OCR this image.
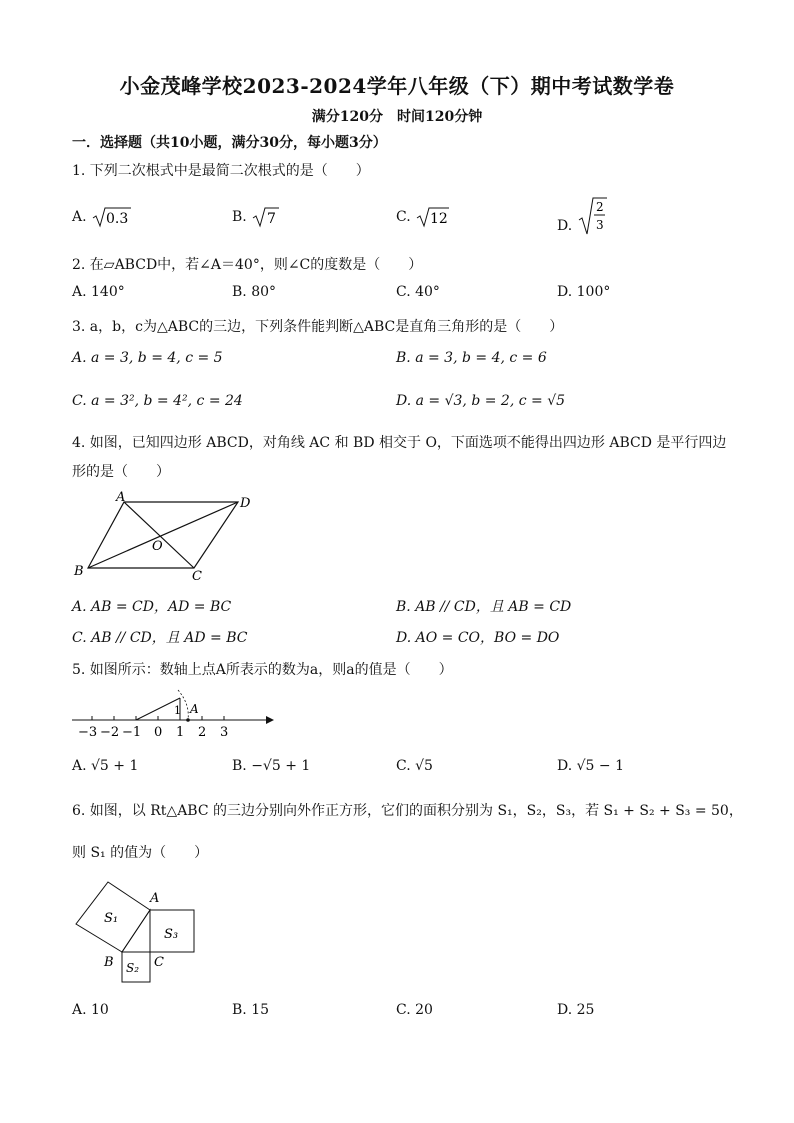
小金茂峰学校2023-2024学年八年级（下）期中考试数学卷
满分120分　时间120分钟
一．选择题（共10小题，满分30分，每小题3分）
1. 下列二次根式中是最简二次根式的是（　　）
A. 0.3	B. 7	C. 12	D.
2
3
2. 在▱ABCD中，若∠A＝40°，则∠C的度数是（　　）
A. 140°	B. 80°	C. 40°	D. 100°
3. a，b，c为△ABC的三边，下列条件能判断△ABC是直角三角形的是（　　）
A. a = 3, b = 4, c = 5	B. a = 3, b = 4, c = 6
C. a = 3², b = 4², c = 24	D. a = √3, b = 2, c = √5
4. 如图，已知四边形 ABCD，对角线 AC 和 BD 相交于 O，下面选项不能得出四边形 ABCD 是平行四边
形的是（　　）
A	D
O
B	C
A. AB = CD，AD = BC	B. AB // CD，且 AB = CD
C. AB // CD，且 AD = BC	D. AO = CO，BO = DO
5. 如图所示：数轴上点A所表示的数为a，则a的值是（　　）
1 A
−3 −2 −1 0 1 2 3
A. √5 + 1	B. −√5 + 1	C. √5	D. √5 − 1
6. 如图，以 Rt△ABC 的三边分别向外作正方形，它们的面积分别为 S₁，S₂，S₃，若 S₁ + S₂ + S₃ = 50，
则 S₁ 的值为（　　）
S₁
A
S₃
B	C
S₂
A. 10	B. 15	C. 20	D. 25
